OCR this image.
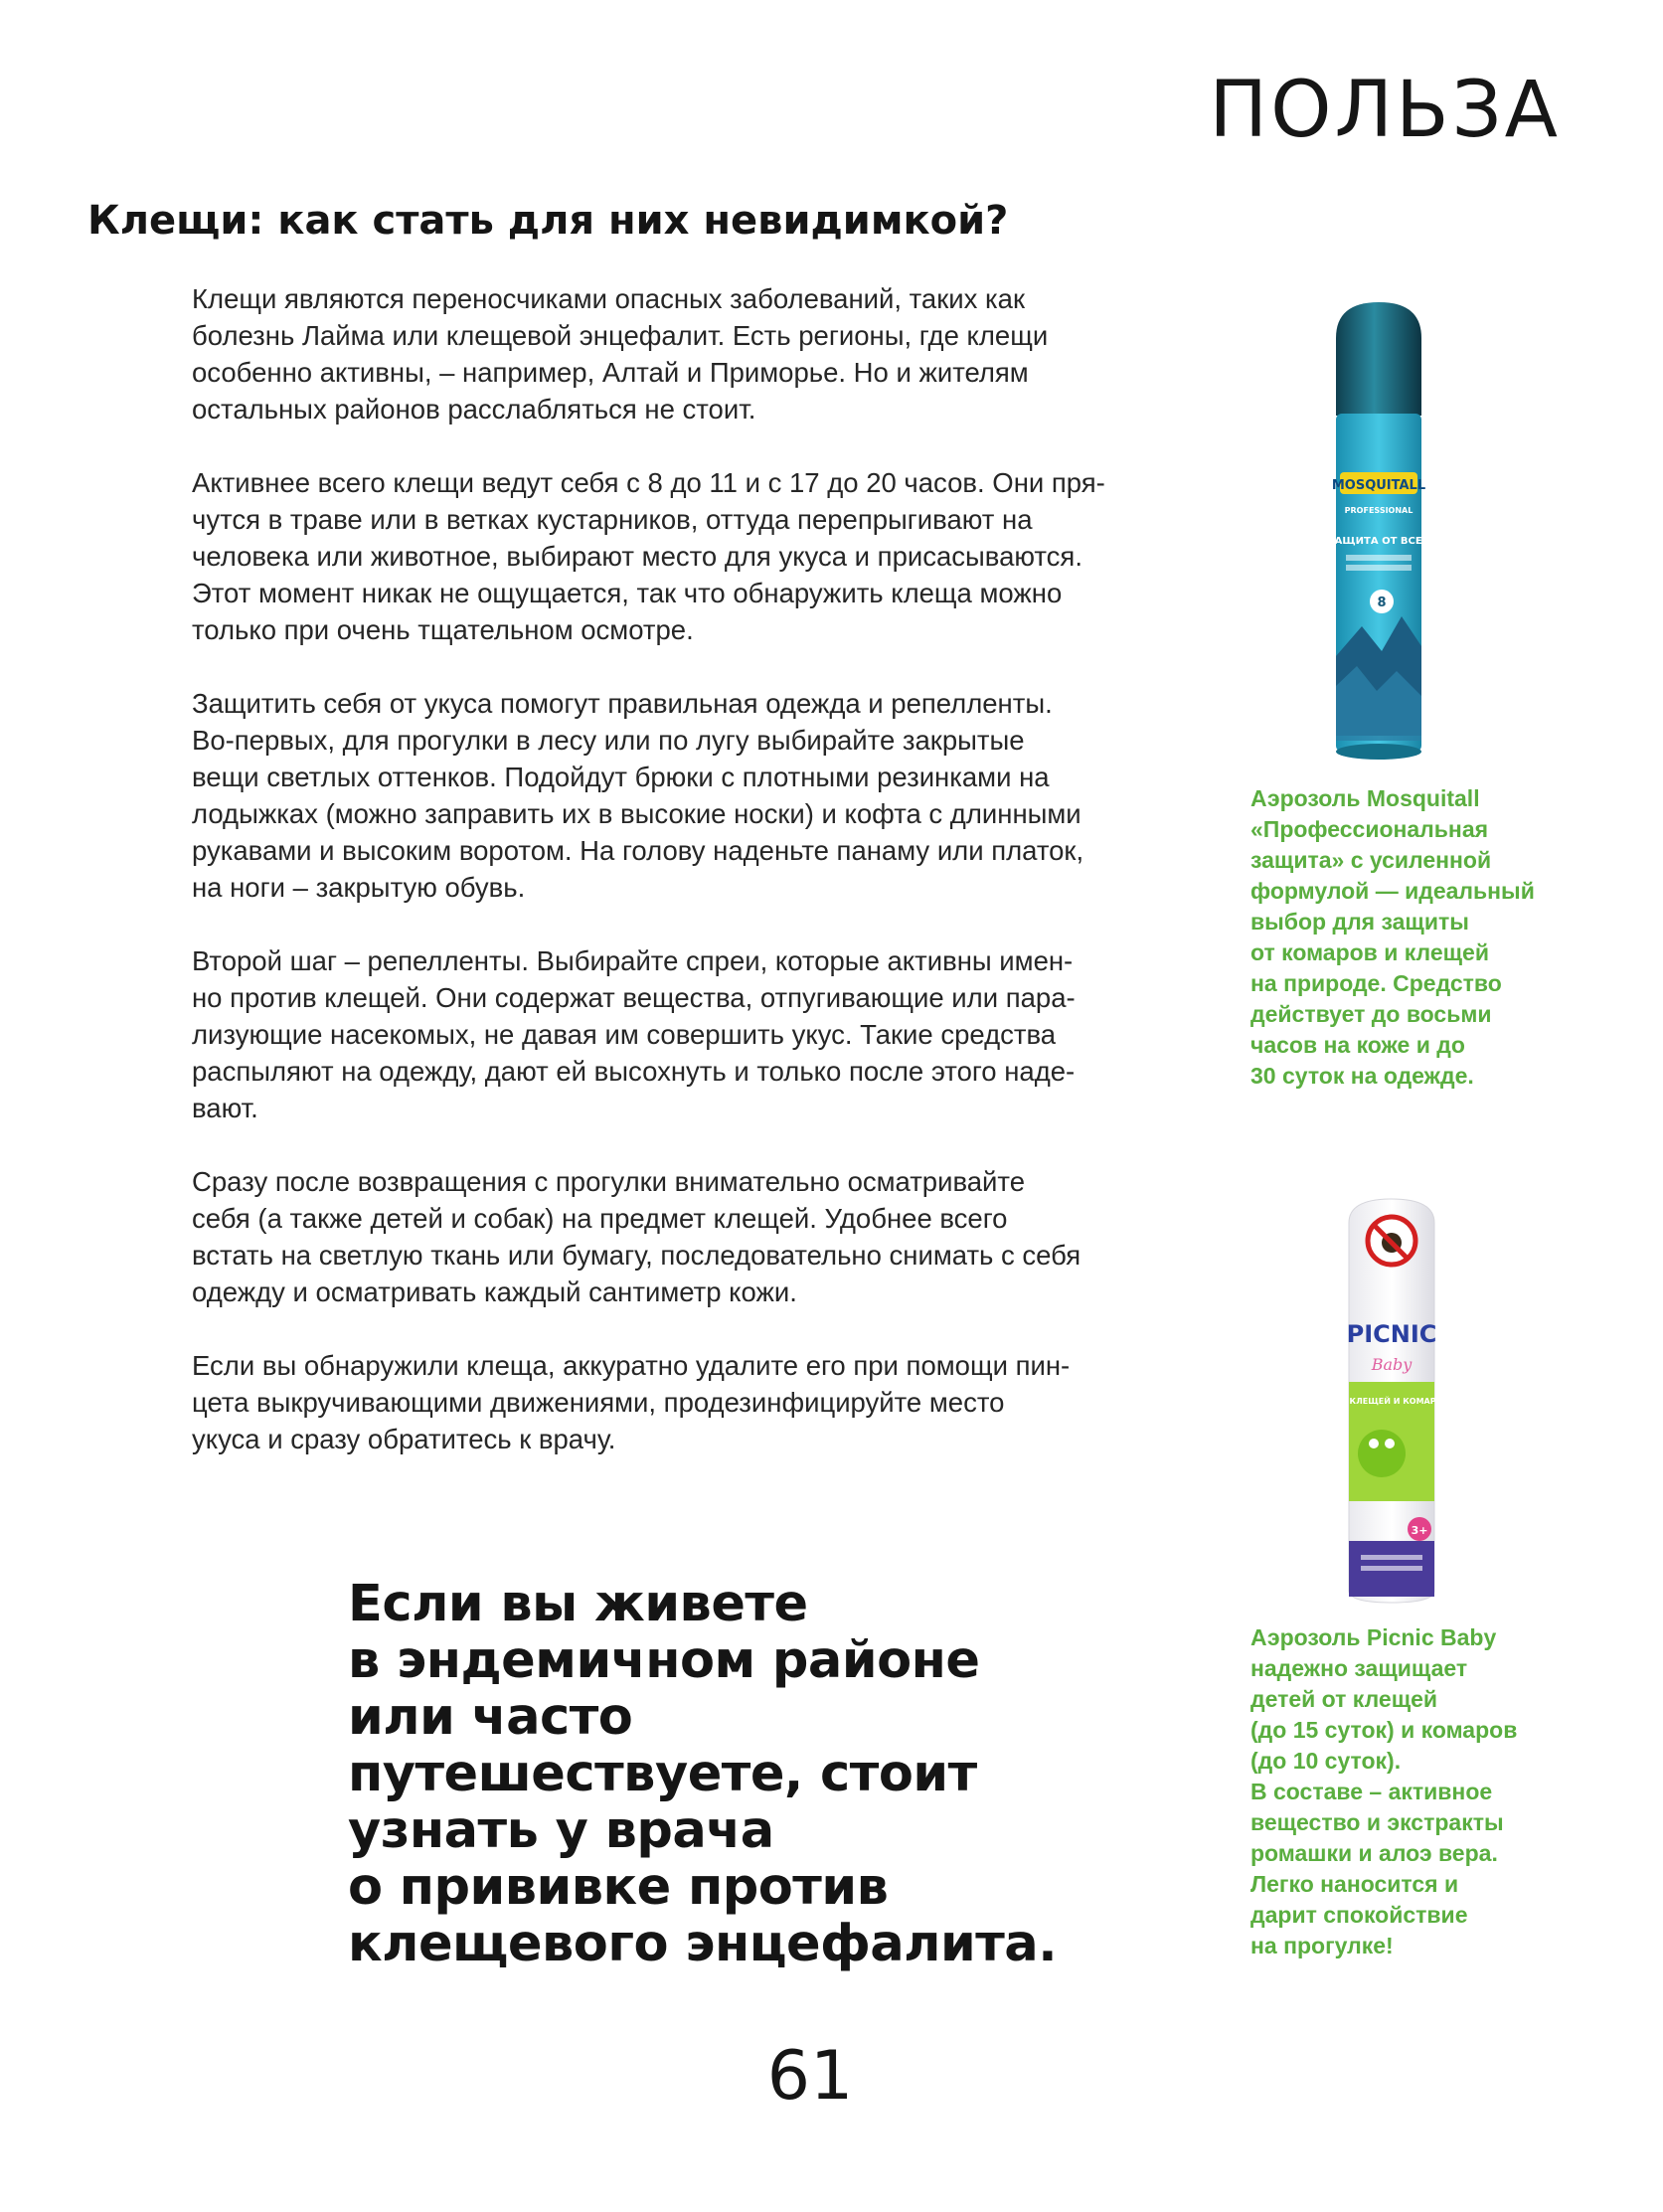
ПОЛЬЗА
Клещи: как стать для них невидимкой?

Клещи являются переносчиками опасных заболеваний, таких как
болезнь Лайма или клещевой энцефалит. Есть регионы, где клещи
особенно активны, – например, Алтай и Приморье. Но и жителям
остальных районов расслабляться не стоит.

Активнее всего клещи ведут себя с 8 до 11 и с 17 до 20 часов. Они пря-
чутся в траве или в ветках кустарников, оттуда перепрыгивают на
человека или животное, выбирают место для укуса и присасываются.
Этот момент никак не ощущается, так что обнаружить клеща можно
только при очень тщательном осмотре.

Защитить себя от укуса помогут правильная одежда и репелленты.
Во-первых, для прогулки в лесу или по лугу выбирайте закрытые
вещи светлых оттенков. Подойдут брюки с плотными резинками на
лодыжках (можно заправить их в высокие носки) и кофта с длинными
рукавами и высоким воротом. На голову наденьте панаму или платок,
на ноги – закрытую обувь.

Второй шаг – репелленты. Выбирайте спреи, которые активны имен-
но против клещей. Они содержат вещества, отпугивающие или пара-
лизующие насекомых, не давая им совершить укус. Такие средства
распыляют на одежду, дают ей высохнуть и только после этого наде-
вают.

Сразу после возвращения с прогулки внимательно осматривайте
себя (а также детей и собак) на предмет клещей. Удобнее всего
встать на светлую ткань или бумагу, последовательно снимать с себя
одежду и осматривать каждый сантиметр кожи.

Если вы обнаружили клеща, аккуратно удалите его при помощи пин-
цета выкручивающими движениями, продезинфицируйте место
укуса и сразу обратитесь к врачу.

MOSQUITALL
PROFESSIONAL
ЗАЩИТА ОТ ВСЕХ
8

Аэрозоль Mosquitall
«Профессиональная
защита» с усиленной
формулой — идеальный
выбор для защиты
от комаров и клещей
на природе. Средство
действует до восьми
часов на коже и до
30 суток на одежде.

PICNIC
Baby
ОТ КЛЕЩЕЙ И КОМАРОВ
3+

Аэрозоль Picnic Baby
надежно защищает
детей от клещей
(до 15 суток) и комаров
(до 10 суток).
В составе – активное
вещество и экстракты
ромашки и алоэ вера.
Легко наносится и
дарит спокойствие
на прогулке!

Если вы живете
в эндемичном районе
или часто
путешествуете, стоит
узнать у врача
о прививке против
клещевого энцефалита.
61
